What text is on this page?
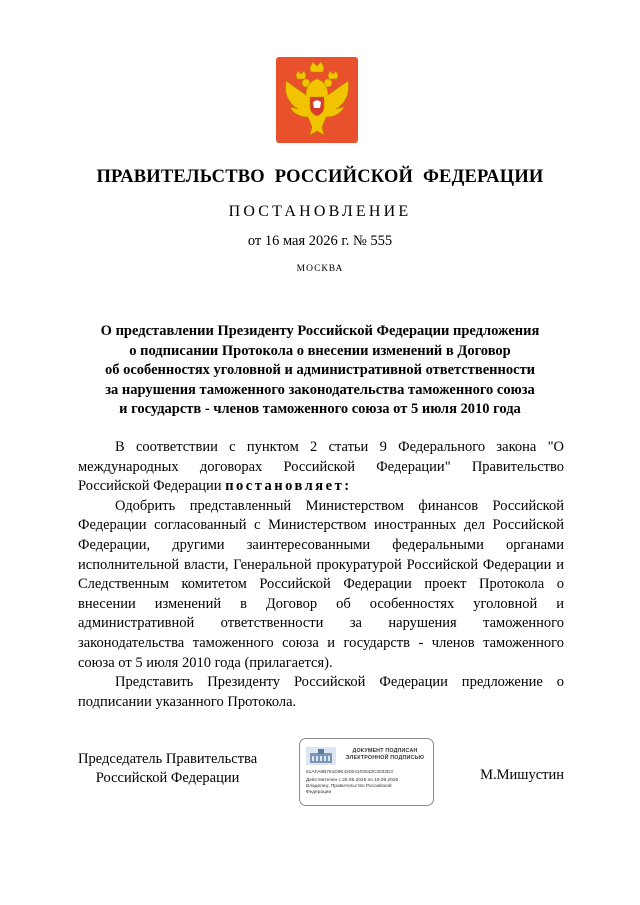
ПРАВИТЕЛЬСТВО РОССИЙСКОЙ ФЕДЕРАЦИИ
ПОСТАНОВЛЕНИЕ
от 16 мая 2026 г. № 555
МОСКВА
О представлении Президенту Российской Федерации предложения
о подписании Протокола о внесении изменений в Договор
об особенностях уголовной и административной ответственности
за нарушения таможенного законодательства таможенного союза
и государств - членов таможенного союза от 5 июля 2010 года

В соответствии с пунктом 2 статьи 9 Федерального закона "О международных договорах Российской Федерации" Правительство Российской Федерации постановляет:

Одобрить представленный Министерством финансов Российской Федерации согласованный с Министерством иностранных дел Российской Федерации, другими заинтересованными федеральными органами исполнительной власти, Генеральной прокуратурой Российской Федерации и Следственным комитетом Российской Федерации проект Протокола о внесении изменений в Договор об особенностях уголовной и административной ответственности за нарушения таможенного законодательства таможенного союза и государств - членов таможенного союза от 5 июля 2010 года (прилагается).

Представить Президенту Российской Федерации предложение о подписании указанного Протокола.

Председатель Правительства
Российской Федерации
ДОКУМЕНТ ПОДПИСАН
ЭЛЕКТРОННОЙ ПОДПИСЬЮ
51AFA8B761D9E42004103543C3032E3
Действителен с 26.06.2025 по 19.09.2026
Владелец: Правительство Российской
Федерации
М.Мишустин
